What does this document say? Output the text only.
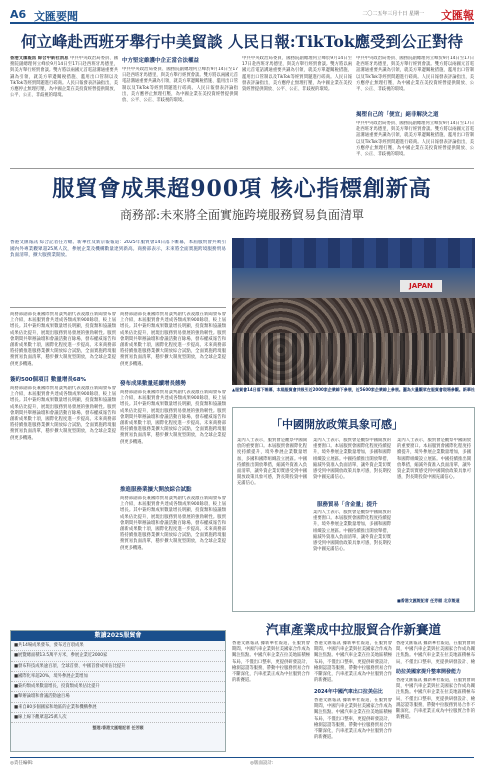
A6 文匯要聞	二〇二五年三月十日 星期一 文匯報
何立峰赴西班牙舉行中美貿談 人民日報:TikTok應受到公正對待
香港文匯報訊 綜合中新社消息 中共中央政治局委員、國務院副總理何立峰於9月14日至17日赴西班牙馬德里，與美方舉行經貿會談。雙方將以兩國元首電話溝通重要共識為引領，就美方單邊關稅措施、濫用出口管制以及TikTok等經貿問題進行磋商。人民日報發表評論指出，美方應停止無理打壓，為中國企業在美投資經營提供開放、公平、公正、非歧視的環境。
中方堅定維護中企正當合法權益
中共中央政治局委員、國務院副總理何立峰於9月14日至17日赴西班牙馬德里，與美方舉行經貿會談。雙方將以兩國元首電話溝通重要共識為引領，就美方單邊關稅措施、濫用出口管制以及TikTok等經貿問題進行磋商。人民日報發表評論指出，美方應停止無理打壓，為中國企業在美投資經營提供開放、公平、公正、非歧視的環境。
中共中央政治局委員、國務院副總理何立峰於9月14日至17日赴西班牙馬德里，與美方舉行經貿會談。雙方將以兩國元首電話溝通重要共識為引領，就美方單邊關稅措施、濫用出口管制以及TikTok等經貿問題進行磋商。人民日報發表評論指出，美方應停止無理打壓，為中國企業在美投資經營提供開放、公平、公正、非歧視的環境。
中共中央政治局委員、國務院副總理何立峰於9月14日至17日赴西班牙馬德里，與美方舉行經貿會談。雙方將以兩國元首電話溝通重要共識為引領，就美方單邊關稅措施、濫用出口管制以及TikTok等經貿問題進行磋商。人民日報發表評論指出，美方應停止無理打壓，為中國企業在美投資經營提供開放、公平、公正、非歧視的環境。
揭塑自己的「便宜」絕非解決之道
中共中央政治局委員、國務院副總理何立峰於9月14日至17日赴西班牙馬德里，與美方舉行經貿會談。雙方將以兩國元首電話溝通重要共識為引領，就美方單邊關稅措施、濫用出口管制以及TikTok等經貿問題進行磋商。人民日報發表評論指出，美方應停止無理打壓，為中國企業在美投資經營提供開放、公平、公正、非歧視的環境。
服貿會成果超900項 核心指標創新高
商務部:未來將全面實施跨境服務貿易負面清單
香港文匯報訊 綜合記者任芳頤、新華社及新京報報道：2025年服貿會14日落下帷幕，本屆服貿會共吸引國內外專業觀眾超25萬人次，參展企業及機構數量達到新高。商務部表示，未來將全面實施跨境服務貿易負面清單，擴大服務業開放。
商務部副部長兼國際貿易談判副代表凌激在新聞發布會上介紹，本屆服貿會共達成各類成果900餘項，較上屆增長。其中簽約類成果數量增長明顯，投資類和協議類成果佔比提升，展現出服務貿易發展的強勁韌性。服貿會期間共舉辦論壇和會議活動百餘場，發布權威報告和創新成果數十項，國際化程度進一步提高。未來商務部將持續推進服務業擴大開放綜合試點，全面實施跨境服務貿易負面清單，穩步擴大制度型開放，為全球企業提供更多機遇。
簽約500個項目 數量增長68%
商務部副部長兼國際貿易談判副代表凌激在新聞發布會上介紹，本屆服貿會共達成各類成果900餘項，較上屆增長。其中簽約類成果數量增長明顯，投資類和協議類成果佔比提升，展現出服務貿易發展的強勁韌性。服貿會期間共舉辦論壇和會議活動百餘場，發布權威報告和創新成果數十項，國際化程度進一步提高。未來商務部將持續推進服務業擴大開放綜合試點，全面實施跨境服務貿易負面清單，穩步擴大制度型開放，為全球企業提供更多機遇。
商務部副部長兼國際貿易談判副代表凌激在新聞發布會上介紹，本屆服貿會共達成各類成果900餘項，較上屆增長。其中簽約類成果數量增長明顯，投資類和協議類成果佔比提升，展現出服務貿易發展的強勁韌性。服貿會期間共舉辦論壇和會議活動百餘場，發布權威報告和創新成果數十項，國際化程度進一步提高。未來商務部將持續推進服務業擴大開放綜合試點，全面實施跨境服務貿易負面清單，穩步擴大制度型開放，為全球企業提供更多機遇。
發布成果數量延續增長態勢
商務部副部長兼國際貿易談判副代表凌激在新聞發布會上介紹，本屆服貿會共達成各類成果900餘項，較上屆增長。其中簽約類成果數量增長明顯，投資類和協議類成果佔比提升，展現出服務貿易發展的強勁韌性。服貿會期間共舉辦論壇和會議活動百餘場，發布權威報告和創新成果數十項，國際化程度進一步提高。未來商務部將持續推進服務業擴大開放綜合試點，全面實施跨境服務貿易負面清單，穩步擴大制度型開放，為全球企業提供更多機遇。
推進服務業擴大開放綜合試點
商務部副部長兼國際貿易談判副代表凌激在新聞發布會上介紹，本屆服貿會共達成各類成果900餘項，較上屆增長。其中簽約類成果數量增長明顯，投資類和協議類成果佔比提升，展現出服務貿易發展的強勁韌性。服貿會期間共舉辦論壇和會議活動百餘場，發布權威報告和創新成果數十項，國際化程度進一步提高。未來商務部將持續推進服務業擴大開放綜合試點，全面實施跨境服務貿易負面清單，穩步擴大制度型開放，為全球企業提供更多機遇。
JAPAN
▲服貿會14日落下帷幕，本屆服貿會共吸引近2000家企業線下參展，近5600家企業線上參展。圖為大量觀眾在服貿會現場參觀。新華社
「中國開放政策具象可感」
業內人士表示，服貿會是觀察中國開放的重要窗口。本屆服貿會國際化程度持續提升，境外參展企業數量增加，多國和國際組織設立展區。中國持續推出開放舉措，縮減外資准入負面清單，讓外資企業切實感受到中國開放政策具象可感，對長期投資中國充滿信心。
業內人士表示，服貿會是觀察中國開放的重要窗口。本屆服貿會國際化程度持續提升，境外參展企業數量增加，多國和國際組織設立展區。中國持續推出開放舉措，縮減外資准入負面清單，讓外資企業切實感受到中國開放政策具象可感，對長期投資中國充滿信心。
服務貿易「含金量」提升
業內人士表示，服貿會是觀察中國開放的重要窗口。本屆服貿會國際化程度持續提升，境外參展企業數量增加，多國和國際組織設立展區。中國持續推出開放舉措，縮減外資准入負面清單，讓外資企業切實感受到中國開放政策具象可感，對長期投資中國充滿信心。
業內人士表示，服貿會是觀察中國開放的重要窗口。本屆服貿會國際化程度持續提升，境外參展企業數量增加，多國和國際組織設立展區。中國持續推出開放舉措，縮減外資准入負面清單，讓外資企業切實感受到中國開放政策具象可感，對長期投資中國充滿信心。
■香港文匯報記者 任芳頤 北京報道
數讀2025服貿會
■共14場成果發布，發布近百項成果
■展覽總面積13.5萬平方米，參展企業近2000家
■發布科技成果逾百項，全球首發、中國首發成果佔比提升
■國際化率超20%，境外參展企業增加
■簽約類成果數量增長，投資類成果佔比提升
■舉辦論壇和會議活動逾百場
■來自80多個國家和地區的企業和機構參展
■線上線下觀眾超25萬人次
整理:香港文匯報記者 任芳頤
汽車產業成中拉服貿合作新賽道
香港文匯報訊 據新華社報道，在服貿會期間，中國汽車企業與拉美國家合作成為關注焦點。中國汽車企業在拉美地區積極布局，不僅出口整車，更提供研發設計、檢測認證等服務，帶動中拉服務貿易合作不斷深化，汽車產業正成為中拉服貿合作的新賽道。
香港文匯報訊 據新華社報道，在服貿會期間，中國汽車企業與拉美國家合作成為關注焦點。中國汽車企業在拉美地區積極布局，不僅出口整車，更提供研發設計、檢測認證等服務，帶動中拉服務貿易合作不斷深化，汽車產業正成為中拉服貿合作的新賽道。
2024年中國汽車出口拉美佔比
香港文匯報訊 據新華社報道，在服貿會期間，中國汽車企業與拉美國家合作成為關注焦點。中國汽車企業在拉美地區積極布局，不僅出口整車，更提供研發設計、檢測認證等服務，帶動中拉服務貿易合作不斷深化，汽車產業正成為中拉服貿合作的新賽道。
香港文匯報訊 據新華社報道，在服貿會期間，中國汽車企業與拉美國家合作成為關注焦點。中國汽車企業在拉美地區積極布局，不僅出口整車，更提供研發設計、檢
助拉美國家提升整車開發能力
香港文匯報訊 據新華社報道，在服貿會期間，中國汽車企業與拉美國家合作成為關注焦點。中國汽車企業在拉美地區積極布局，不僅出口整車，更提供研發設計、檢測認證等服務，帶動中拉服務貿易合作不斷深化，汽車產業正成為中拉服貿合作的新賽道。
◎責任編輯:	◎版面設計:
